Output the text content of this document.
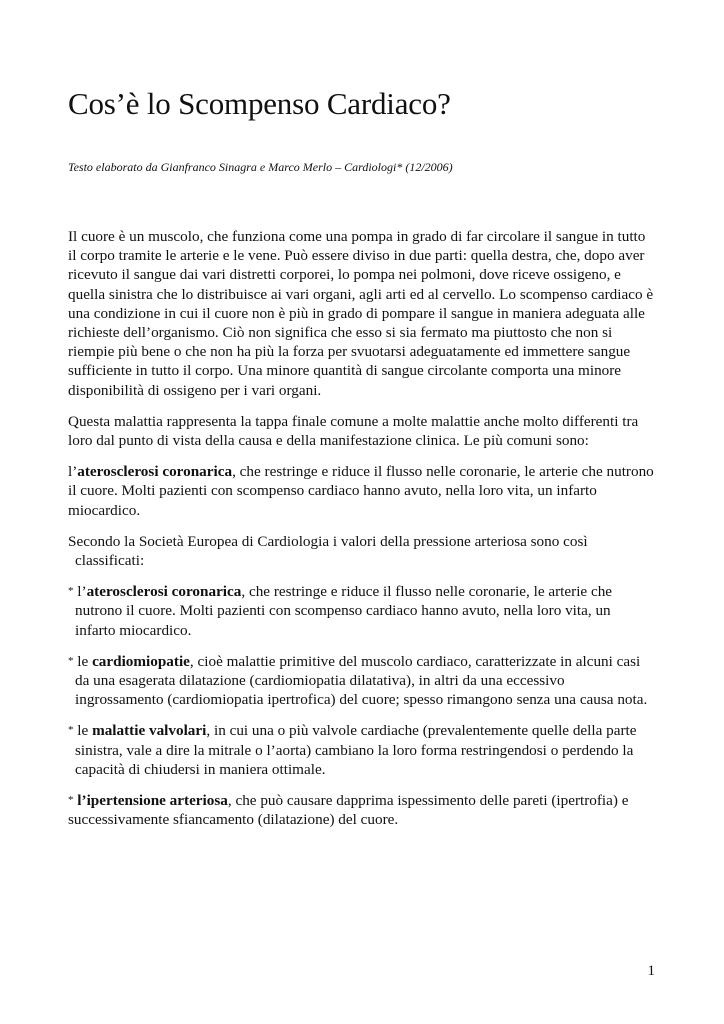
Cos’è lo Scompenso Cardiaco?

Testo elaborato da Gianfranco Sinagra e Marco Merlo – Cardiologi* (12/2006)

Il cuore è un muscolo, che funziona come una pompa in grado di far circolare il sangue in tutto il corpo tramite le arterie e le vene. Può essere diviso in due parti: quella destra, che, dopo aver ricevuto il sangue dai vari distretti corporei, lo pompa nei polmoni, dove riceve ossigeno, e quella sinistra che lo distribuisce ai vari organi, agli arti ed al cervello. Lo scompenso cardiaco è una condizione in cui il cuore non è più in grado di pompare il sangue in maniera adeguata alle richieste dell’organismo. Ciò non significa che esso si sia fermato ma piuttosto che non si riempie più bene o che non ha più la forza per svuotarsi adeguatamente ed immettere sangue sufficiente in tutto il corpo. Una minore quantità di sangue circolante comporta una minore disponibilità di ossigeno per i vari organi.

Questa malattia rappresenta la tappa finale comune a molte malattie anche molto differenti tra loro dal punto di vista della causa e della manifestazione clinica. Le più comuni sono:

l’aterosclerosi coronarica, che restringe e riduce il flusso nelle coronarie, le arterie che nutrono il cuore. Molti pazienti con scompenso cardiaco hanno avuto, nella loro vita, un infarto miocardico.

Secondo la Società Europea di Cardiologia i valori della pressione arteriosa sono così classificati:

* l’aterosclerosi coronarica, che restringe e riduce il flusso nelle coronarie, le arterie che nutrono il cuore. Molti pazienti con scompenso cardiaco hanno avuto, nella loro vita, un infarto miocardico.

* le cardiomiopatie, cioè malattie primitive del muscolo cardiaco, caratterizzate in alcuni casi da una esagerata dilatazione (cardiomiopatia dilatativa), in altri da una eccessivo ingrossamento (cardiomiopatia ipertrofica) del cuore; spesso rimangono senza una causa nota.

* le malattie valvolari, in cui una o più valvole cardiache (prevalentemente quelle della parte sinistra, vale a dire la mitrale o l’aorta) cambiano la loro forma restringendosi o perdendo la capacità di chiudersi in maniera ottimale.

* l’ipertensione arteriosa, che può causare dapprima ispessimento delle pareti (ipertrofia) e successivamente sfiancamento (dilatazione) del cuore.

1
